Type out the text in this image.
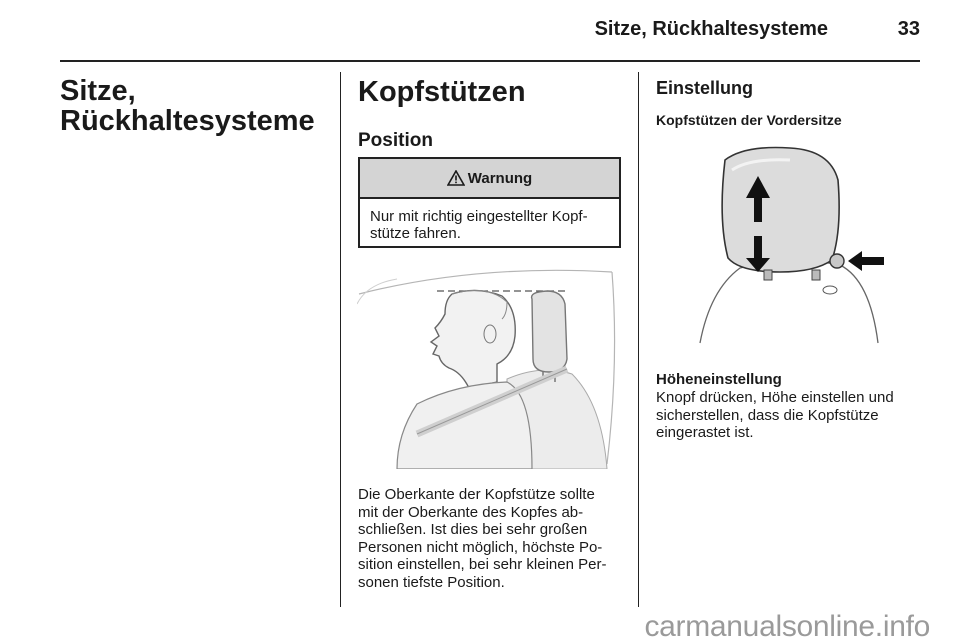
Sitze, Rückhaltesysteme	33
Sitze,
Rückhaltesysteme
Kopfstützen
Position
Warnung
Nur mit richtig eingestellter Kopf-
stütze fahren.
Die Oberkante der Kopfstütze sollte
mit der Oberkante des Kopfes ab-
schließen. Ist dies bei sehr großen
Personen nicht möglich, höchste Po-
sition einstellen, bei sehr kleinen Per-
sonen tiefste Position.
Einstellung
Kopfstützen der Vordersitze
Höheneinstellung
Knopf drücken, Höhe einstellen und
sicherstellen, dass die Kopfstütze
eingerastet ist.
carmanualsonline.info
